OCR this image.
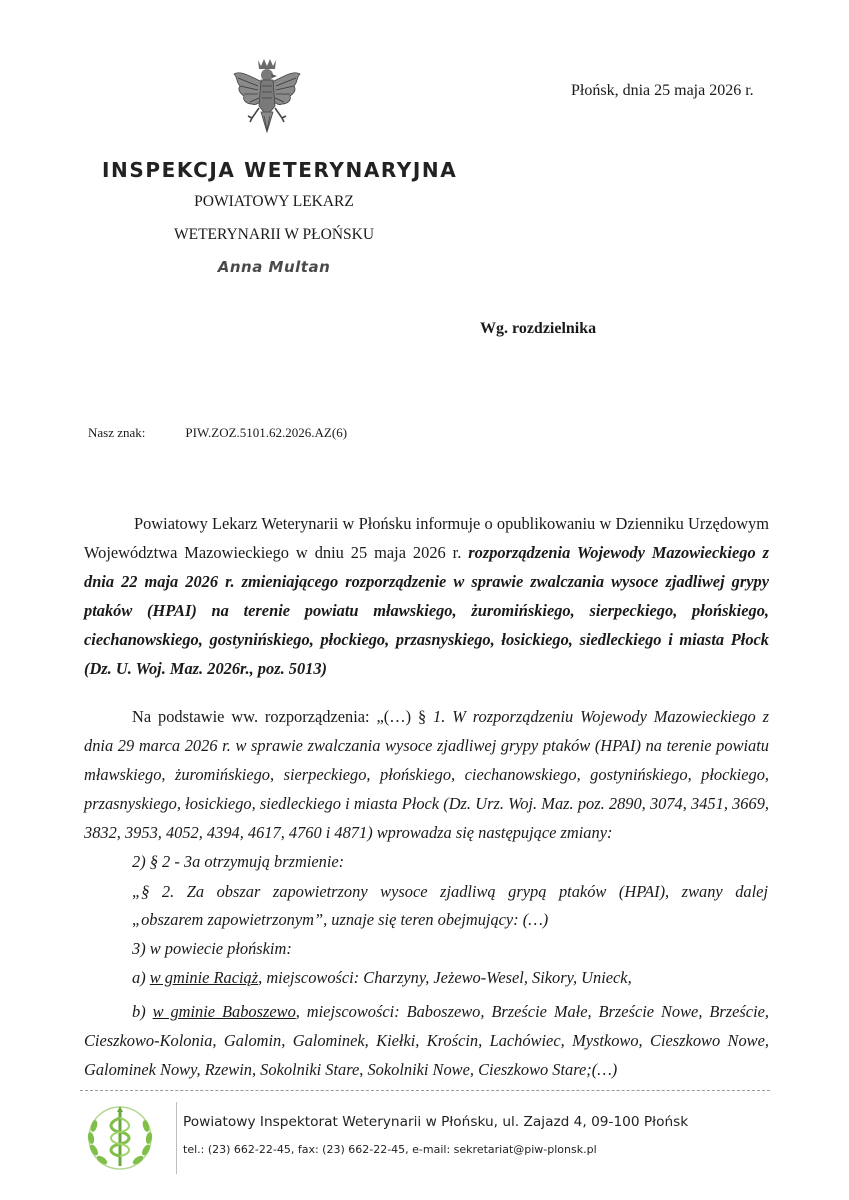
Płońsk, dnia 25 maja 2026 r.
INSPEKCJA WETERYNARYJNA
POWIATOWY LEKARZ
WETERYNARII W PŁOŃSKU
Anna Multan
Wg. rozdzielnika
Nasz znak:	PIW.ZOZ.5101.62.2026.AZ(6)
Powiatowy Lekarz Weterynarii w Płońsku informuje o opublikowaniu w Dzienniku Urzędowym Województwa Mazowieckiego w dniu 25 maja 2026 r. rozporządzenia Wojewody Mazowieckiego z dnia 22 maja 2026 r. zmieniającego rozporządzenie w sprawie zwalczania wysoce zjadliwej grypy ptaków (HPAI) na terenie powiatu mławskiego, żuromińskiego, sierpeckiego, płońskiego, ciechanowskiego, gostynińskiego, płockiego, przasnyskiego, łosickiego, siedleckiego i miasta Płock (Dz. U. Woj. Maz. 2026r., poz. 5013)
Na podstawie ww. rozporządzenia: „(…) § 1. W rozporządzeniu Wojewody Mazowieckiego z dnia 29 marca 2026 r. w sprawie zwalczania wysoce zjadliwej grypy ptaków (HPAI) na terenie powiatu mławskiego, żuromińskiego, sierpeckiego, płońskiego, ciechanowskiego, gostynińskiego, płockiego, przasnyskiego, łosickiego, siedleckiego i miasta Płock (Dz. Urz. Woj. Maz. poz. 2890, 3074, 3451, 3669, 3832, 3953, 4052, 4394, 4617, 4760 i 4871) wprowadza się następujące zmiany:
2) § 2 - 3a otrzymują brzmienie:
„§ 2. Za obszar zapowietrzony wysoce zjadliwą grypą ptaków (HPAI), zwany dalej
„obszarem zapowietrzonym”, uznaje się teren obejmujący: (…)
3) w powiecie płońskim:
a) w gminie Raciąż, miejscowości: Charzyny, Jeżewo-Wesel, Sikory, Unieck,
b) w gminie Baboszewo, miejscowości: Baboszewo, Brzeście Małe, Brzeście Nowe, Brzeście, Cieszkowo-Kolonia, Galomin, Galominek, Kiełki, Krościn, Lachówiec, Mystkowo, Cieszkowo Nowe, Galominek Nowy, Rzewin, Sokolniki Stare, Sokolniki Nowe, Cieszkowo Stare;(…)
Powiatowy Inspektorat Weterynarii w Płońsku, ul. Zajazd 4, 09-100 Płońsk
tel.: (23) 662-22-45, fax: (23) 662-22-45, e-mail: sekretariat@piw-plonsk.pl
